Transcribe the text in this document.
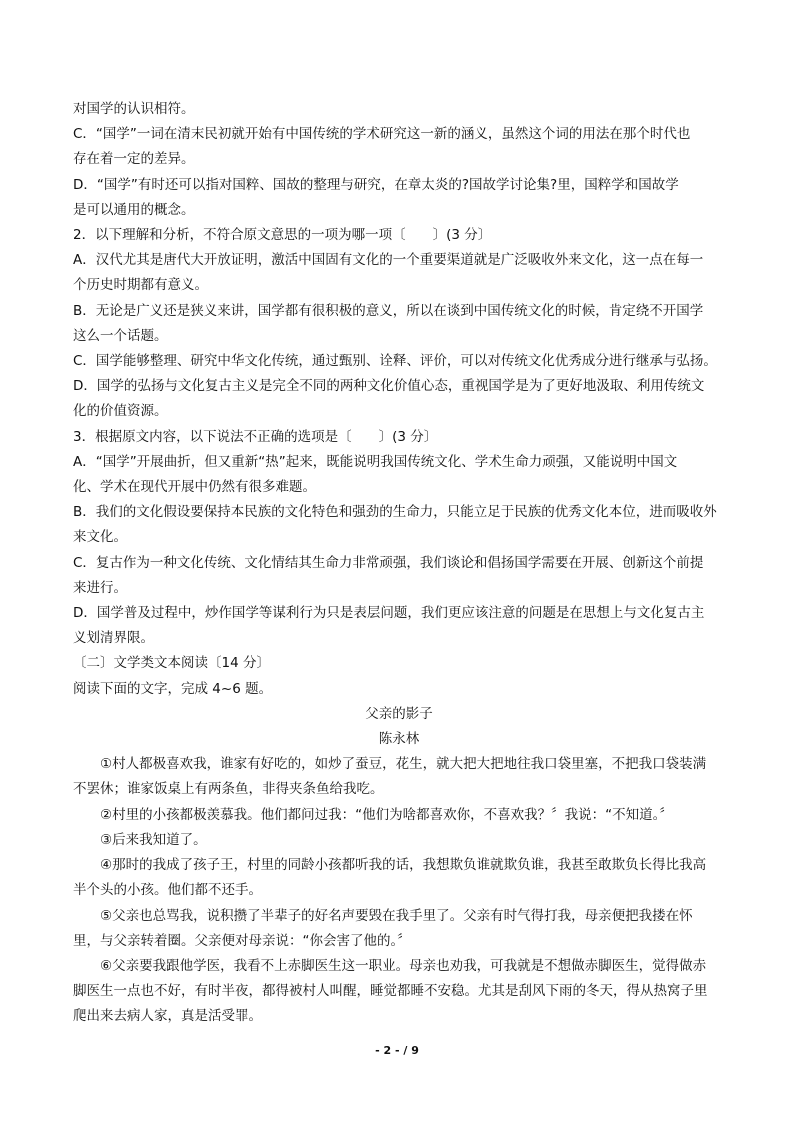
对国学的认识相符。
C．“国学”一词在清末民初就开始有中国传统的学术研究这一新的涵义，虽然这个词的用法在那个时代也
存在着一定的差异。
D．“国学”有时还可以指对国粹、国故的整理与研究，在章太炎的?国故学讨论集?里，国粹学和国故学
是可以通用的概念。
2．以下理解和分析，不符合原文意思的一项为哪一项〔　　〕(3 分〕
A．汉代尤其是唐代大开放证明，激活中国固有文化的一个重要渠道就是广泛吸收外来文化，这一点在每一
个历史时期都有意义。
B．无论是广义还是狭义来讲，国学都有很积极的意义，所以在谈到中国传统文化的时候，肯定绕不开国学
这么一个话题。
C．国学能够整理、研究中华文化传统，通过甄别、诠释、评价，可以对传统文化优秀成分进行继承与弘扬。
D．国学的弘扬与文化复古主义是完全不同的两种文化价值心态，重视国学是为了更好地汲取、利用传统文
化的价值资源。
3．根据原文内容，以下说法不正确的选项是〔　　〕(3 分〕
A．“国学”开展曲折，但又重新“热”起来，既能说明我国传统文化、学术生命力顽强，又能说明中国文
化、学术在现代开展中仍然有很多难题。
B．我们的文化假设要保持本民族的文化特色和强劲的生命力，只能立足于民族的优秀文化本位，进而吸收外
来文化。
C．复古作为一种文化传统、文化情结其生命力非常顽强，我们谈论和倡扬国学需要在开展、创新这个前提
来进行。
D．国学普及过程中，炒作国学等谋利行为只是表层问题，我们更应该注意的问题是在思想上与文化复古主
义划清界限。
〔二〕文学类文本阅读〔14 分〕
阅读下面的文字，完成 4~6 题。
父亲的影子
陈永林
①村人都极喜欢我，谁家有好吃的，如炒了蚕豆，花生，就大把大把地往我口袋里塞，不把我口袋装满
不罢休；谁家饭桌上有两条鱼，非得夹条鱼给我吃。
②村里的小孩都极羡慕我。他们都问过我：“他们为啥都喜欢你，不喜欢我？〞我说：“不知道。〞
③后来我知道了。
④那时的我成了孩子王，村里的同龄小孩都听我的话，我想欺负谁就欺负谁，我甚至敢欺负长得比我高
半个头的小孩。他们都不还手。
⑤父亲也总骂我，说积攒了半辈子的好名声要毁在我手里了。父亲有时气得打我，母亲便把我搂在怀
里，与父亲转着圈。父亲便对母亲说：“你会害了他的。〞
⑥父亲要我跟他学医，我看不上赤脚医生这一职业。母亲也劝我，可我就是不想做赤脚医生，觉得做赤
脚医生一点也不好，有时半夜，都得被村人叫醒，睡觉都睡不安稳。尤其是刮风下雨的冬天，得从热窝子里
爬出来去病人家，真是活受罪。
- 2 - / 9
